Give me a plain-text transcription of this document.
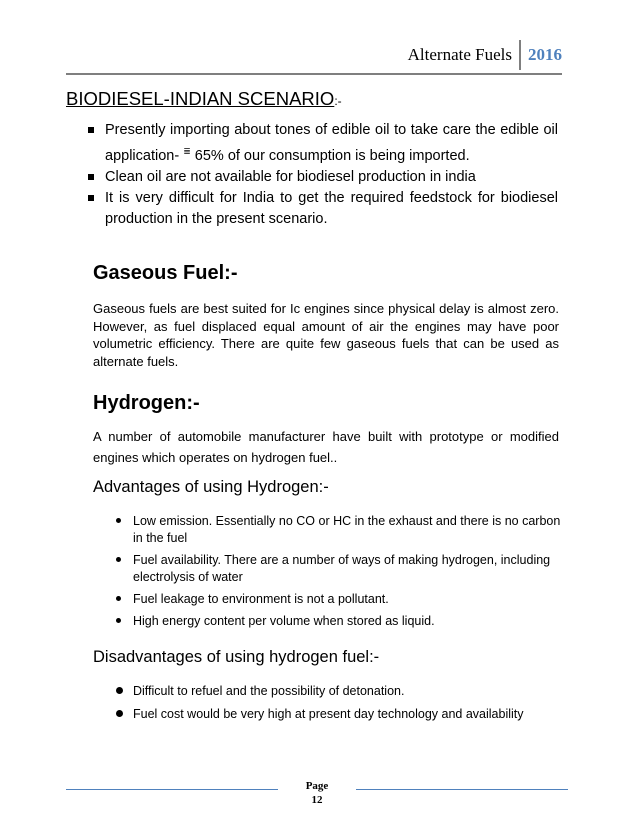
Alternate Fuels 2016
BIODIESEL-INDIAN SCENARIO:-
Presently importing about tones of edible oil to take care the edible oil application- ≣ 65% of our consumption is being imported.
Clean oil are not available for biodiesel production in india
It is very difficult for India to get the required feedstock for biodiesel production in the present scenario.
Gaseous Fuel:-
Gaseous fuels are best suited for Ic engines since physical delay is almost zero. However, as fuel displaced equal amount of air the engines may have poor volumetric efficiency. There are quite few gaseous fuels that can be used as alternate fuels.
Hydrogen:-
A number of automobile manufacturer have built with prototype or modified engines which operates on hydrogen fuel..
Advantages of using Hydrogen:-
Low emission. Essentially no CO or HC in the exhaust and there is no carbon in the fuel
Fuel availability. There are a number of ways of making hydrogen, including electrolysis of water
Fuel leakage to environment is not a pollutant.
High energy content per volume when stored as liquid.
Disadvantages of using hydrogen fuel:-
Difficult to refuel and the possibility of detonation.
Fuel cost would be very high at present day technology and availability
Page
12
